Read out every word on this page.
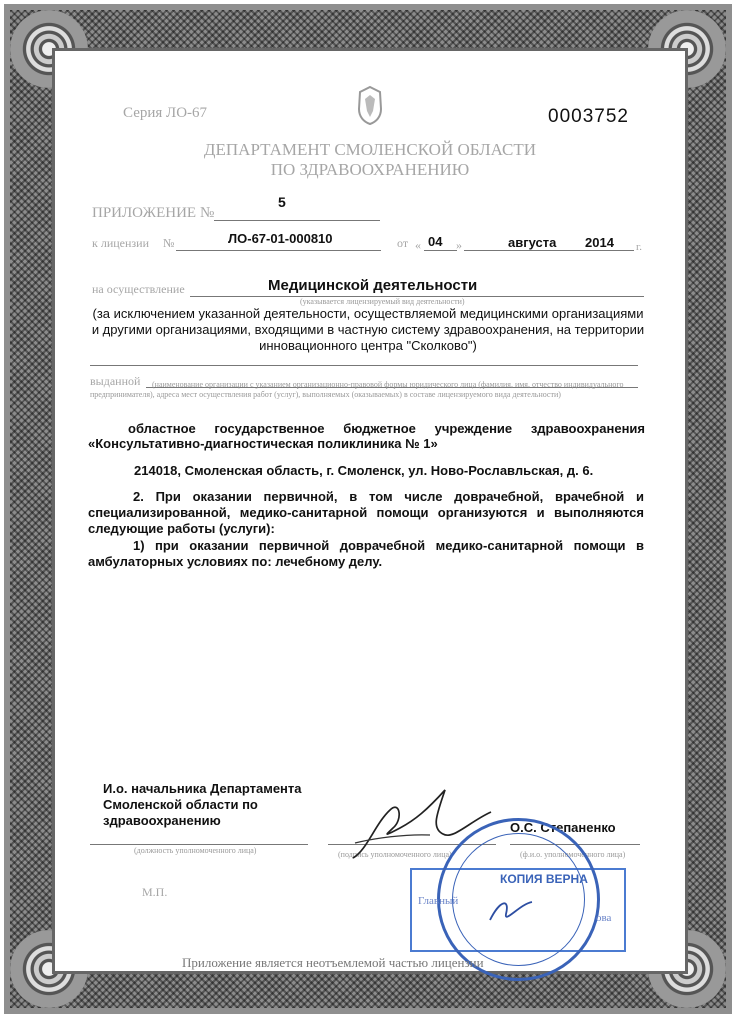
Серия ЛО-67	0003752
ДЕПАРТАМЕНТ СМОЛЕНСКОЙ ОБЛАСТИ
ПО ЗДРАВООХРАНЕНИЮ
ПРИЛОЖЕНИЕ №
5
к лицензии №	ЛО-67-01-000810	от « 04 »	августа 2014 г.
на осуществление	Медицинской деятельности
(указывается лицензируемый вид деятельности)
(за исключением указанной деятельности, осуществляемой медицинскими организациями и другими организациями, входящими в частную систему здравоохранения, на территории инновационного центра "Сколково")
выданной	(наименование организации с указанием организационно-правовой формы юридического лица (фамилия, имя, отчество индивидуального предпринимателя), адреса мест осуществления работ (услуг), выполняемых (оказываемых) в составе лицензируемого вида деятельности)
областное государственное бюджетное учреждение здравоохранения
«Консультативно-диагностическая поликлиника № 1»
214018, Смоленская область, г. Смоленск, ул. Ново-Рославльская, д. 6.
2. При оказании первичной, в том числе доврачебной, врачебной и специализированной, медико-санитарной помощи организуются и выполняются следующие работы (услуги):
1) при оказании первичной доврачебной медико-санитарной помощи в амбулаторных условиях по: лечебному делу.
И.о. начальника Департамента
Смоленской области по
здравоохранению	О.С. Степаненко
(должность уполномоченного лица)	(подпись уполномоченного лица)	(ф.и.о. уполномоченного лица)
М.П.
КОПИЯ ВЕРНА
Главный
ова
Приложение является неотъемлемой частью лицензии
